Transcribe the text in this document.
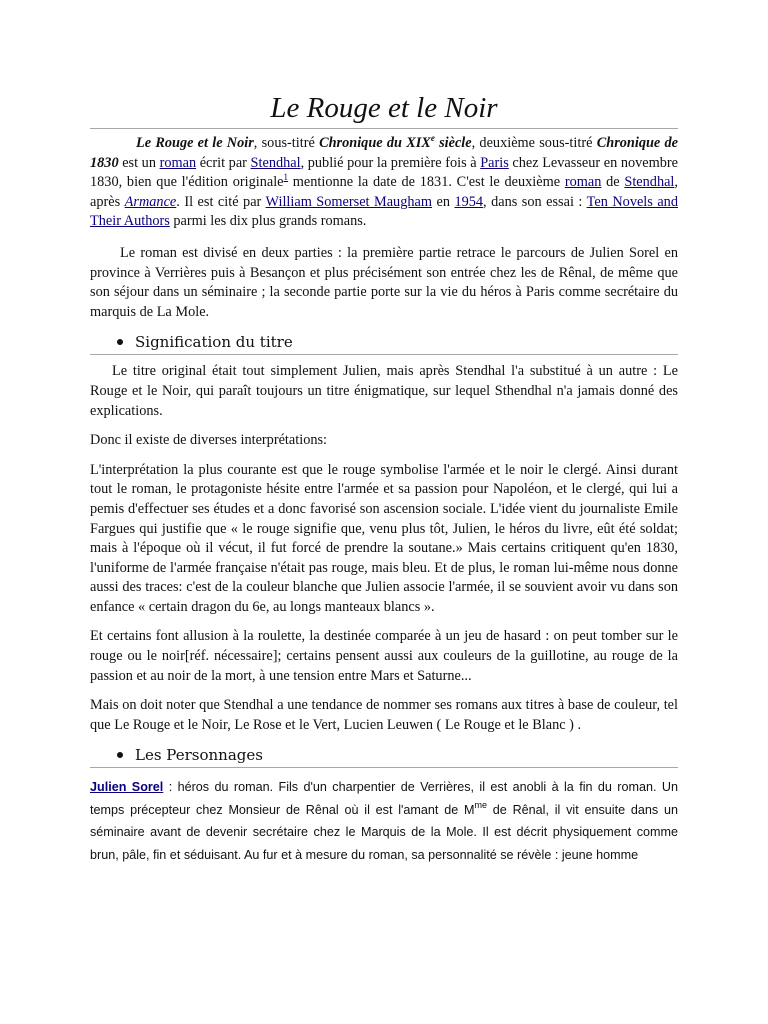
Le Rouge et le Noir

Le Rouge et le Noir, sous-titré Chronique du XIXe siècle, deuxième sous-titré Chronique de 1830 est un roman écrit par Stendhal, publié pour la première fois à Paris chez Levasseur en novembre 1830, bien que l'édition originale$^1$ mentionne la date de 1831. C'est le deuxième roman de Stendhal, après Armance. Il est cité par William Somerset Maugham en 1954, dans son essai : Ten Novels and Their Authors parmi les dix plus grands romans.

Le roman est divisé en deux parties : la première partie retrace le parcours de Julien Sorel en province à Verrières puis à Besançon et plus précisément son entrée chez les de Rênal, de même que son séjour dans un séminaire ; la seconde partie porte sur la vie du héros à Paris comme secrétaire du marquis de La Mole.

Signification du titre

Le titre original était tout simplement Julien, mais après Stendhal l'a substitué à un autre : Le Rouge et le Noir, qui paraît toujours un titre énigmatique, sur lequel Sthendhal n'a jamais donné des explications.

Donc il existe de diverses interprétations:

L'interprétation la plus courante est que le rouge symbolise l'armée et le noir le clergé. Ainsi durant tout le roman, le protagoniste hésite entre l'armée et sa passion pour Napoléon, et le clergé, qui lui a pemis d'effectuer ses études et a donc favorisé son ascension sociale. L'idée vient du journaliste Emile Fargues qui justifie que « le rouge signifie que, venu plus tôt, Julien, le héros du livre, eût été soldat; mais à l'époque où il vécut, il fut forcé de prendre la soutane.» Mais certains critiquent qu'en 1830, l'uniforme de l'armée française n'était pas rouge, mais bleu. Et de plus, le roman lui-même nous donne aussi des traces: c'est de la couleur blanche que Julien associe l'armée, il se souvient avoir vu dans son enfance « certain dragon du 6e, au longs manteaux blancs ».

Et certains font allusion à la roulette, la destinée comparée à un jeu de hasard : on peut tomber sur le rouge ou le noir[réf. nécessaire]; certains pensent aussi aux couleurs de la guillotine, au rouge de la passion et au noir de la mort, à une tension entre Mars et Saturne...

Mais on doit noter que Stendhal a une tendance de nommer ses romans aux titres à base de couleur, tel que Le Rouge et le Noir, Le Rose et le Vert, Lucien Leuwen ( Le Rouge et le Blanc ) .

Les Personnages

Julien Sorel : héros du roman. Fils d'un charpentier de Verrières, il est anobli à la fin du roman. Un temps précepteur chez Monsieur de Rênal où il est l'amant de $M^{me}$ de Rênal, il vit ensuite dans un séminaire avant de devenir secrétaire chez le Marquis de la Mole. Il est décrit physiquement comme brun, pâle, fin et séduisant. Au fur et à mesure du roman, sa personnalité se révèle : jeune homme
